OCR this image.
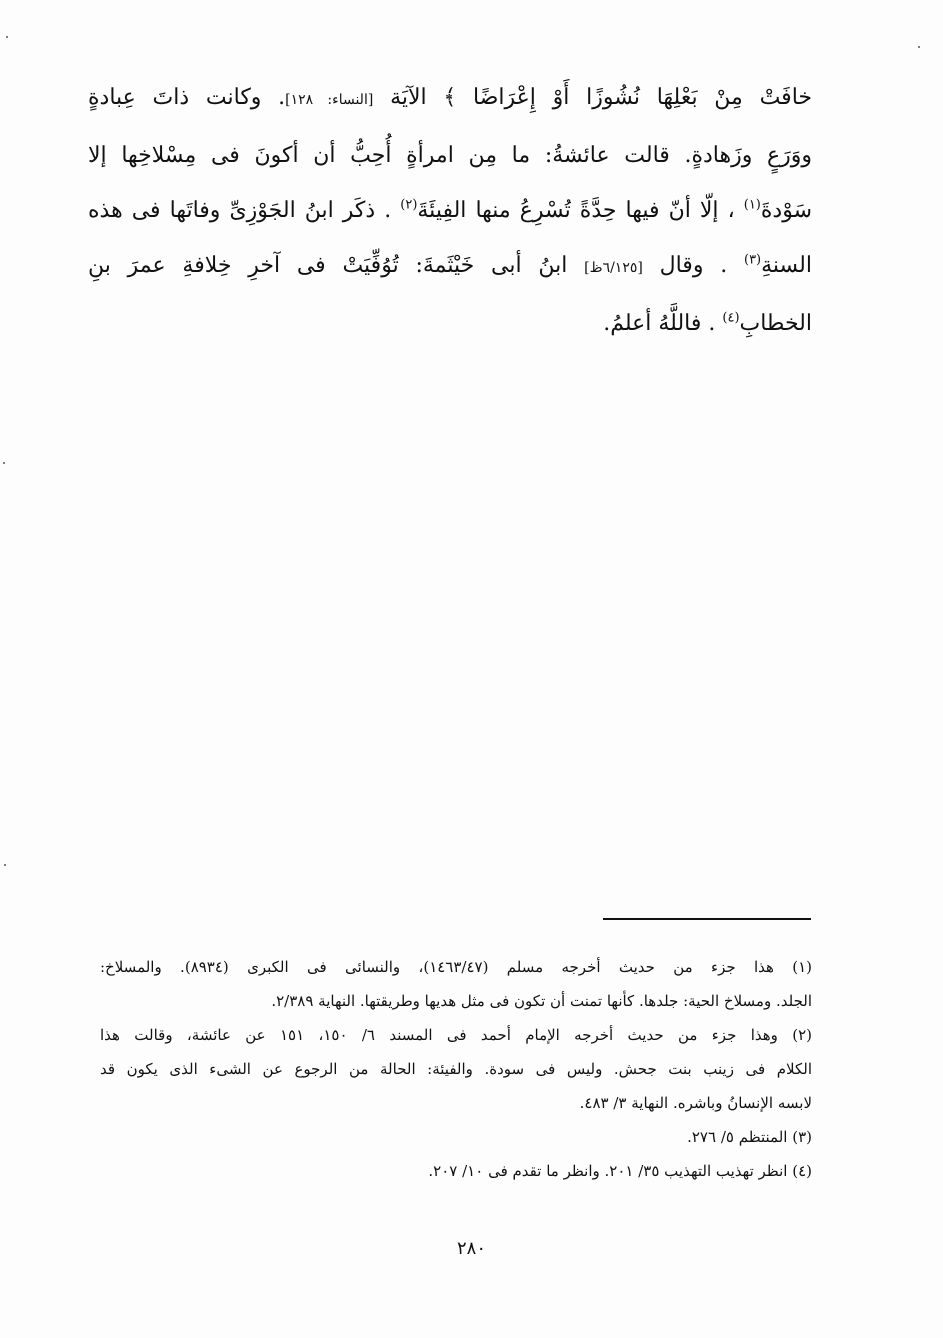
خافَتْ مِنْ بَعْلِهَا نُشُوزًا أَوْ إِعْرَاضًا ﴾ الآيَة [النساء: ١٢٨]. وكانت ذاتَ عِبادةٍ
ووَرَعٍ وزَهادةٍ. قالت عائشةُ: ما مِن امرأةٍ أُحِبُّ أن أكونَ فى مِسْلاخِها إلا
سَوْدةَ$^{(١)}$ ، إلّا أنّ فيها حِدَّةً تُسْرِعُ منها الفِيئَةَ$^{(٢)}$ . ذكَر ابنُ الجَوْزِىِّ وفاتَها فى هذه
السنةِ$^{(٣)}$ . وقال [٦/١٢٥ظ] ابنُ أبى خَيْثَمةَ: تُوُفِّيَتْ فى آخرِ خِلافةِ عمرَ بنِ
الخطابِ$^{(٤)}$ . فاللَّهُ أعلمُ.
(١) هذا جزء من حديث أخرجه مسلم (١٤٦٣/٤٧)، والنسائى فى الكبرى (٨٩٣٤). والمسلاخ:
الجلد. ومسلاخ الحية: جلدها. كأنها تمنت أن تكون فى مثل هديها وطريقتها. النهاية ٢/٣٨٩.
(٢) وهذا جزء من حديث أخرجه الإمام أحمد فى المسند ٦/ ١٥٠، ١٥١ عن عائشة، وقالت هذا
الكلام فى زينب بنت جحش. وليس فى سودة. والفيئة: الحالة من الرجوع عن الشىء الذى يكون قد
لابسه الإنسانُ وباشره. النهاية ٣/ ٤٨٣.
(٣) المنتظم ٥/ ٢٧٦.
(٤) انظر تهذيب التهذيب ٣٥/ ٢٠١. وانظر ما تقدم فى ١٠/ ٢٠٧.
٢٨٠
